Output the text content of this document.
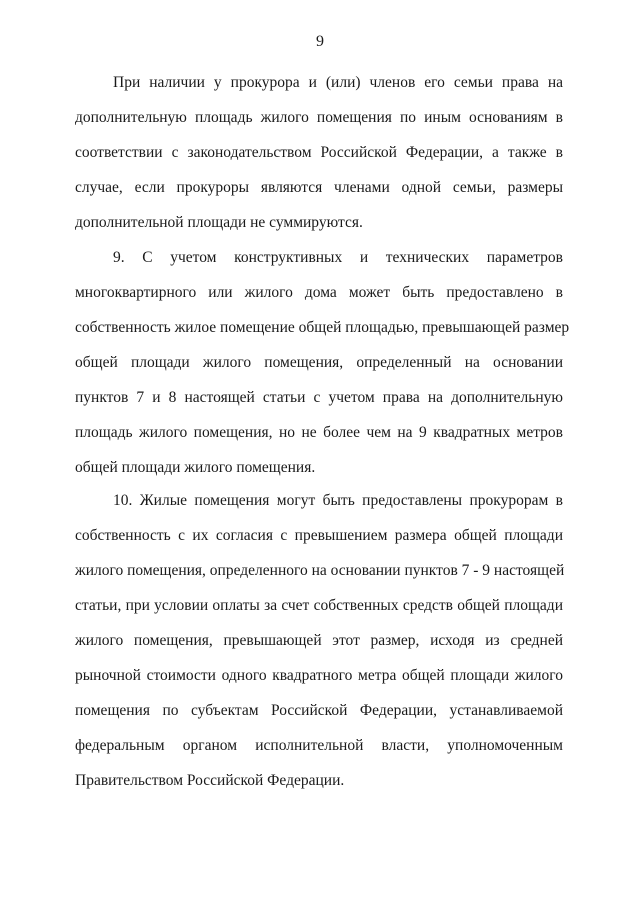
9
При наличии у прокурора и (или) членов его семьи права на
дополнительную площадь жилого помещения по иным основаниям в
соответствии с законодательством Российской Федерации, а также в
случае, если прокуроры являются членами одной семьи, размеры
дополнительной площади не суммируются.
9. С учетом конструктивных и технических параметров
многоквартирного или жилого дома может быть предоставлено в
собственность жилое помещение общей площадью, превышающей размер
общей площади жилого помещения, определенный на основании
пунктов 7 и 8 настоящей статьи с учетом права на дополнительную
площадь жилого помещения, но не более чем на 9 квадратных метров
общей площади жилого помещения.
10. Жилые помещения могут быть предоставлены прокурорам в
собственность с их согласия с превышением размера общей площади
жилого помещения, определенного на основании пунктов 7 - 9 настоящей
статьи, при условии оплаты за счет собственных средств общей площади
жилого помещения, превышающей этот размер, исходя из средней
рыночной стоимости одного квадратного метра общей площади жилого
помещения по субъектам Российской Федерации, устанавливаемой
федеральным органом исполнительной власти, уполномоченным
Правительством Российской Федерации.
